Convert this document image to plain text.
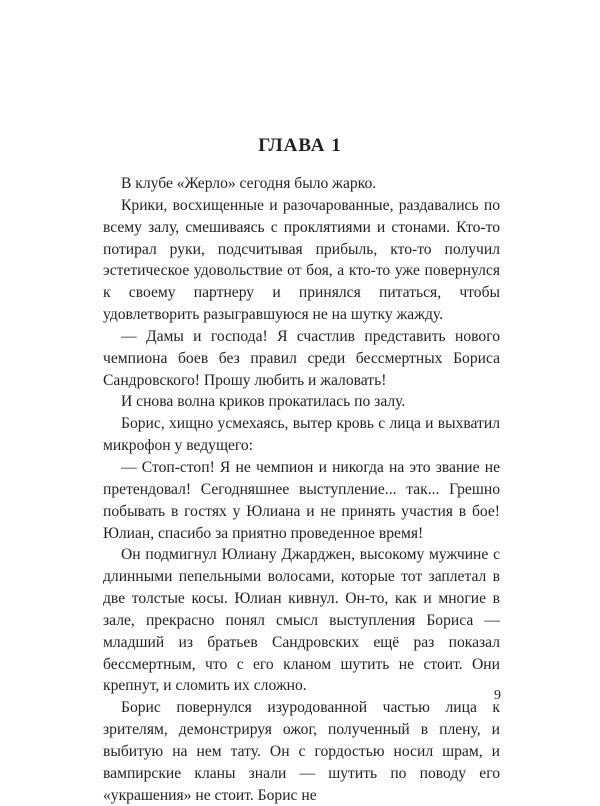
ГЛАВА 1

В клубе «Жерло» сегодня было жарко.

Крики, восхищенные и разочарованные, раздавались по всему залу, смешиваясь с проклятиями и стонами. Кто-то потирал руки, подсчитывая прибыль, кто-то получил эстетическое удовольствие от боя, а кто-то уже повернулся к своему партнеру и принялся питаться, чтобы удовлетворить разыгравшуюся не на шутку жажду.

— Дамы и господа! Я счастлив представить нового чемпиона боев без правил среди бессмертных Бориса Сандровского! Прошу любить и жаловать!

И снова волна криков прокатилась по залу.

Борис, хищно усмехаясь, вытер кровь с лица и выхватил микрофон у ведущего:

— Стоп-стоп! Я не чемпион и никогда на это звание не претендовал! Сегодняшнее выступление... так... Грешно побывать в гостях у Юлиана и не принять участия в бое! Юлиан, спасибо за приятно проведенное время!

Он подмигнул Юлиану Джарджен, высокому мужчине с длинными пепельными волосами, которые тот заплетал в две толстые косы. Юлиан кивнул. Он-то, как и многие в зале, прекрасно понял смысл выступления Бориса — младший из братьев Сандровских ещё раз показал бессмертным, что с его кланом шутить не стоит. Они крепнут, и сломить их сложно.

Борис повернулся изуродованной частью лица к зрителям, демонстрируя ожог, полученный в плену, и выбитую на нем тату. Он с гордостью носил шрам, и вампирские кланы знали — шутить по поводу его «украшения» не стоит. Борис не

9
